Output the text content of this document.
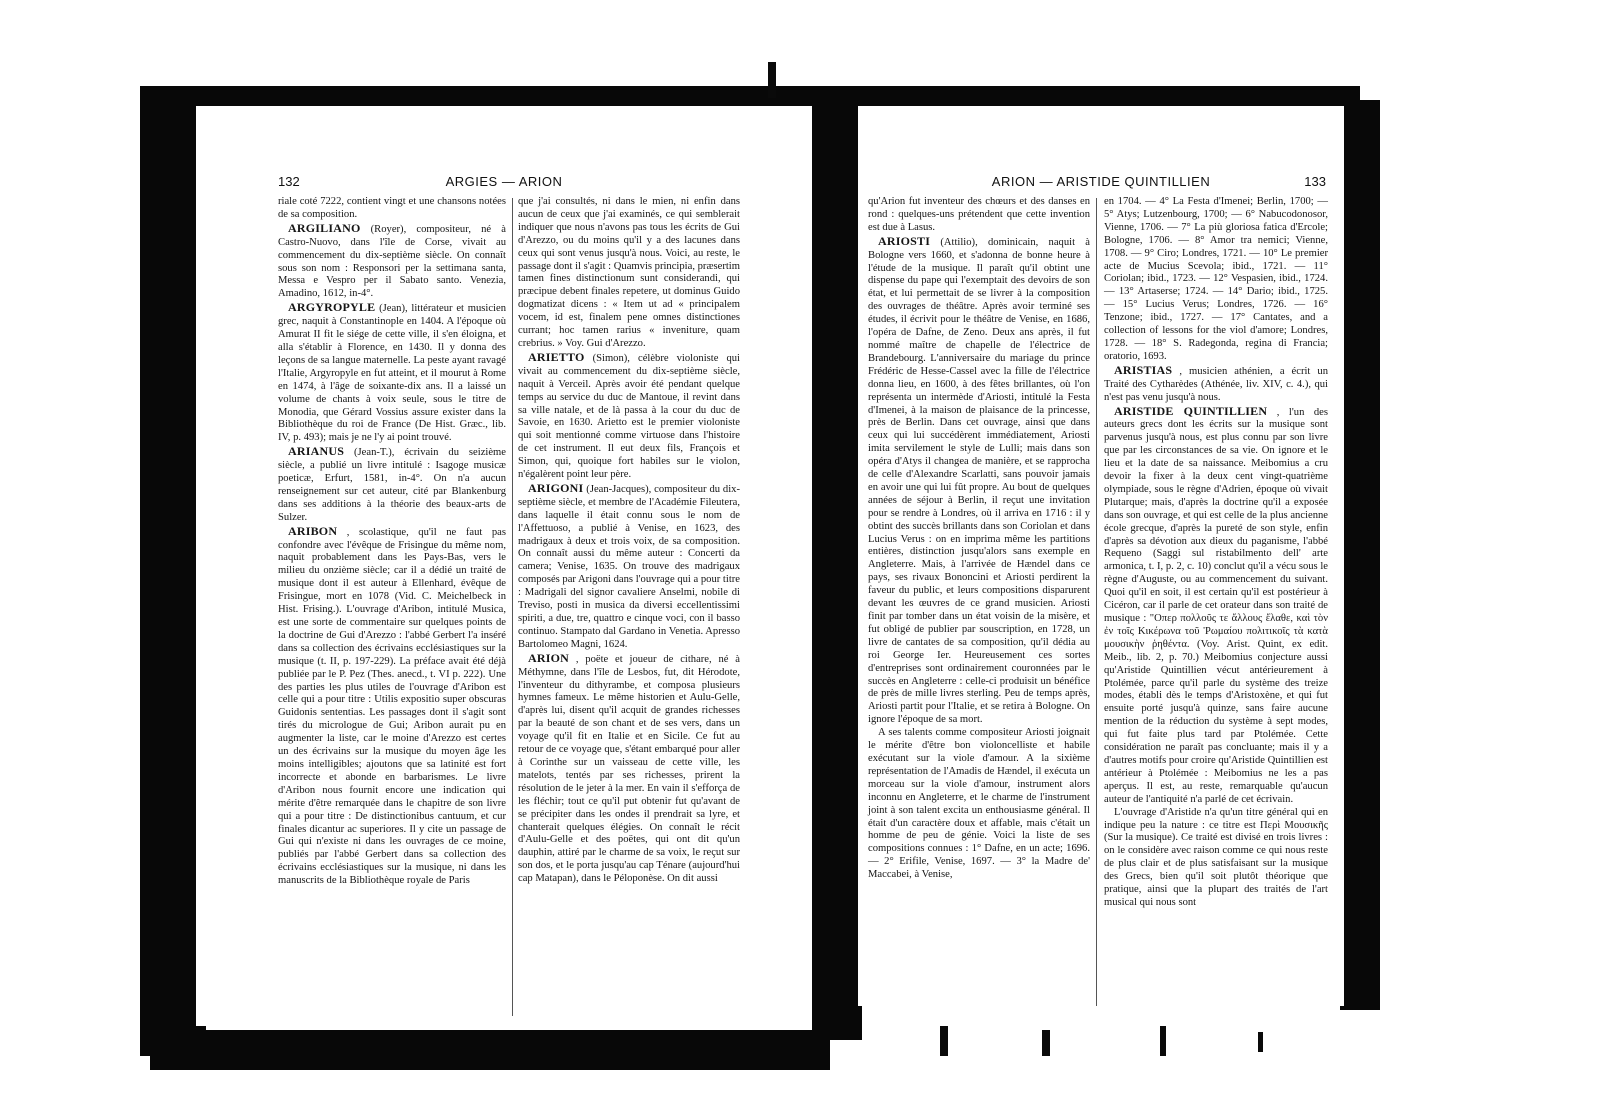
132	ARGIES — ARION

riale coté 7222, contient vingt et une chansons notées de sa composition.

ARGILIANO (Royer), compositeur, né à Castro-Nuovo, dans l'île de Corse, vivait au commencement du dix-septième siècle. On connaît sous son nom : Responsori per la settimana santa, Messa e Vespro per il Sabato santo. Venezia, Amadino, 1612, in-4°.

ARGYROPYLE (Jean), littérateur et musicien grec, naquit à Constantinople en 1404. A l'époque où Amurat II fit le siége de cette ville, il s'en éloigna, et alla s'établir à Florence, en 1430. Il y donna des leçons de sa langue maternelle. La peste ayant ravagé l'Italie, Argyropyle en fut atteint, et il mourut à Rome en 1474, à l'âge de soixante-dix ans. Il a laissé un volume de chants à voix seule, sous le titre de Monodia, que Gérard Vossius assure exister dans la Bibliothèque du roi de France (De Hist. Græc., lib. IV, p. 493); mais je ne l'y ai point trouvé.

ARIANUS (Jean-T.), écrivain du seizième siècle, a publié un livre intitulé : Isagoge musicæ poeticæ, Erfurt, 1581, in-4°. On n'a aucun renseignement sur cet auteur, cité par Blankenburg dans ses additions à la théorie des beaux-arts de Sulzer.

ARIBON , scolastique, qu'il ne faut pas confondre avec l'évêque de Frisingue du même nom, naquit probablement dans les Pays-Bas, vers le milieu du onzième siècle; car il a dédié un traité de musique dont il est auteur à Ellenhard, évêque de Frisingue, mort en 1078 (Vid. C. Meichelbeck in Hist. Frising.). L'ouvrage d'Aribon, intitulé Musica, est une sorte de commentaire sur quelques points de la doctrine de Gui d'Arezzo : l'abbé Gerbert l'a inséré dans sa collection des écrivains ecclésiastiques sur la musique (t. II, p. 197-229). La préface avait été déjà publiée par le P. Pez (Thes. anecd., t. VI p. 222). Une des parties les plus utiles de l'ouvrage d'Aribon est celle qui a pour titre : Utilis expositio super obscuras Guidonis sententias. Les passages dont il s'agit sont tirés du micrologue de Gui; Aribon aurait pu en augmenter la liste, car le moine d'Arezzo est certes un des écrivains sur la musique du moyen âge les moins intelligibles; ajoutons que sa latinité est fort incorrecte et abonde en barbarismes. Le livre d'Aribon nous fournit encore une indication qui mérite d'être remarquée dans le chapitre de son livre qui a pour titre : De distinctionibus cantuum, et cur finales dicantur ac superiores. Il y cite un passage de Gui qui n'existe ni dans les ouvrages de ce moine, publiés par l'abbé Gerbert dans sa collection des écrivains ecclésiastiques sur la musique, ni dans les manuscrits de la Bibliothèque royale de Paris

que j'ai consultés, ni dans le mien, ni enfin dans aucun de ceux que j'ai examinés, ce qui semblerait indiquer que nous n'avons pas tous les écrits de Gui d'Arezzo, ou du moins qu'il y a des lacunes dans ceux qui sont venus jusqu'à nous. Voici, au reste, le passage dont il s'agit : Quamvis principia, præsertim tamen fines distinctionum sunt considerandi, qui præcipue debent finales repetere, ut dominus Guido dogmatizat dicens : « Item ut ad « principalem vocem, id est, finalem pene omnes distinctiones currant; hoc tamen rarius « inveniture, quam crebrius. » Voy. Gui d'Arezzo.

ARIETTO (Simon), célèbre violoniste qui vivait au commencement du dix-septième siècle, naquit à Verceil. Après avoir été pendant quelque temps au service du duc de Mantoue, il revint dans sa ville natale, et de là passa à la cour du duc de Savoie, en 1630. Arietto est le premier violoniste qui soit mentionné comme virtuose dans l'histoire de cet instrument. Il eut deux fils, François et Simon, qui, quoique fort habiles sur le violon, n'égalèrent point leur père.

ARIGONI (Jean-Jacques), compositeur du dix-septième siècle, et membre de l'Académie Fileutera, dans laquelle il était connu sous le nom de l'Affettuoso, a publié à Venise, en 1623, des madrigaux à deux et trois voix, de sa composition. On connaît aussi du même auteur : Concerti da camera; Venise, 1635. On trouve des madrigaux composés par Arigoni dans l'ouvrage qui a pour titre : Madrigali del signor cavaliere Anselmi, nobile di Treviso, posti in musica da diversi eccellentissimi spiriti, a due, tre, quattro e cinque voci, con il basso continuo. Stampato dal Gardano in Venetia. Apresso Bartolomeo Magni, 1624.

ARION , poëte et joueur de cithare, né à Méthymne, dans l'île de Lesbos, fut, dit Hérodote, l'inventeur du dithyrambe, et composa plusieurs hymnes fameux. Le même historien et Aulu-Gelle, d'après lui, disent qu'il acquit de grandes richesses par la beauté de son chant et de ses vers, dans un voyage qu'il fit en Italie et en Sicile. Ce fut au retour de ce voyage que, s'étant embarqué pour aller à Corinthe sur un vaisseau de cette ville, les matelots, tentés par ses richesses, prirent la résolution de le jeter à la mer. En vain il s'efforça de les fléchir; tout ce qu'il put obtenir fut qu'avant de se précipiter dans les ondes il prendrait sa lyre, et chanterait quelques élégies. On connaît le récit d'Aulu-Gelle et des poëtes, qui ont dit qu'un dauphin, attiré par le charme de sa voix, le reçut sur son dos, et le porta jusqu'au cap Ténare (aujourd'hui cap Matapan), dans le Péloponèse. On dit aussi

ARION — ARISTIDE QUINTILLIEN	133

qu'Arion fut inventeur des chœurs et des danses en rond : quelques-uns prétendent que cette invention est due à Lasus.

ARIOSTI (Attilio), dominicain, naquit à Bologne vers 1660, et s'adonna de bonne heure à l'étude de la musique. Il paraît qu'il obtint une dispense du pape qui l'exemptait des devoirs de son état, et lui permettait de se livrer à la composition des ouvrages de théâtre. Après avoir terminé ses études, il écrivit pour le théâtre de Venise, en 1686, l'opéra de Dafne, de Zeno. Deux ans après, il fut nommé maître de chapelle de l'électrice de Brandebourg. L'anniversaire du mariage du prince Frédéric de Hesse-Cassel avec la fille de l'électrice donna lieu, en 1600, à des fêtes brillantes, où l'on représenta un intermède d'Ariosti, intitulé la Festa d'Imenei, à la maison de plaisance de la princesse, près de Berlin. Dans cet ouvrage, ainsi que dans ceux qui lui succédèrent immédiatement, Ariosti imita servilement le style de Lulli; mais dans son opéra d'Atys il changea de manière, et se rapprocha de celle d'Alexandre Scarlatti, sans pouvoir jamais en avoir une qui lui fût propre. Au bout de quelques années de séjour à Berlin, il reçut une invitation pour se rendre à Londres, où il arriva en 1716 : il y obtint des succès brillants dans son Coriolan et dans Lucius Verus : on en imprima même les partitions entières, distinction jusqu'alors sans exemple en Angleterre. Mais, à l'arrivée de Hændel dans ce pays, ses rivaux Bononcini et Ariosti perdirent la faveur du public, et leurs compositions disparurent devant les œuvres de ce grand musicien. Ariosti finit par tomber dans un état voisin de la misère, et fut obligé de publier par souscription, en 1728, un livre de cantates de sa composition, qu'il dédia au roi George Ier. Heureusement ces sortes d'entreprises sont ordinairement couronnées par le succès en Angleterre : celle-ci produisit un bénéfice de près de mille livres sterling. Peu de temps après, Ariosti partit pour l'Italie, et se retira à Bologne. On ignore l'époque de sa mort.

A ses talents comme compositeur Ariosti joignait le mérite d'être bon violoncelliste et habile exécutant sur la viole d'amour. A la sixième représentation de l'Amadis de Hændel, il exécuta un morceau sur la viole d'amour, instrument alors inconnu en Angleterre, et le charme de l'instrument joint à son talent excita un enthousiasme général. Il était d'un caractère doux et affable, mais c'était un homme de peu de génie. Voici la liste de ses compositions connues : 1° Dafne, en un acte; 1696. — 2° Erifile, Venise, 1697. — 3° la Madre de' Maccabei, à Venise,

en 1704. — 4° La Festa d'Imenei; Berlin, 1700; — 5° Atys; Lutzenbourg, 1700; — 6° Nabucodonosor, Vienne, 1706. — 7° La più gloriosa fatica d'Ercole; Bologne, 1706. — 8° Amor tra nemici; Vienne, 1708. — 9° Ciro; Londres, 1721. — 10° Le premier acte de Mucius Scevola; ibid., 1721. — 11° Coriolan; ibid., 1723. — 12° Vespasien, ibid., 1724. — 13° Artaserse; 1724. — 14° Dario; ibid., 1725. — 15° Lucius Verus; Londres, 1726. — 16° Tenzone; ibid., 1727. — 17° Cantates, and a collection of lessons for the viol d'amore; Londres, 1728. — 18° S. Radegonda, regina di Francia; oratorio, 1693.

ARISTIAS , musicien athénien, a écrit un Traité des Cytharèdes (Athénée, liv. XIV, c. 4.), qui n'est pas venu jusqu'à nous.

ARISTIDE QUINTILLIEN , l'un des auteurs grecs dont les écrits sur la musique sont parvenus jusqu'à nous, est plus connu par son livre que par les circonstances de sa vie. On ignore et le lieu et la date de sa naissance. Meibomius a cru devoir la fixer à la deux cent vingt-quatrième olympiade, sous le règne d'Adrien, époque où vivait Plutarque; mais, d'après la doctrine qu'il a exposée dans son ouvrage, et qui est celle de la plus ancienne école grecque, d'après la pureté de son style, enfin d'après sa dévotion aux dieux du paganisme, l'abbé Requeno (Saggi sul ristabilmento dell' arte armonica, t. I, p. 2, c. 10) conclut qu'il a vécu sous le règne d'Auguste, ou au commencement du suivant. Quoi qu'il en soit, il est certain qu'il est postérieur à Cicéron, car il parle de cet orateur dans son traité de musique : "Οπερ πολλοῦς τε ἄλλους ἔλαθε, καὶ τὸν ἐν τοῖς Κικέρωνα τοῦ Ῥωμαίου πολιτικοῖς τὰ κατὰ μουσικὴν ῥηθέντα. (Voy. Arist. Quint, ex edit. Meib., lib. 2, p. 70.) Meibomius conjecture aussi qu'Aristide Quintillien vécut antérieurement à Ptolémée, parce qu'il parle du système des treize modes, établi dès le temps d'Aristoxène, et qui fut ensuite porté jusqu'à quinze, sans faire aucune mention de la réduction du système à sept modes, qui fut faite plus tard par Ptolémée. Cette considération ne paraît pas concluante; mais il y a d'autres motifs pour croire qu'Aristide Quintillien est antérieur à Ptolémée : Meibomius ne les a pas aperçus. Il est, au reste, remarquable qu'aucun auteur de l'antiquité n'a parlé de cet écrivain.

L'ouvrage d'Aristide n'a qu'un titre général qui en indique peu la nature : ce titre est Περὶ Μουσικῆς (Sur la musique). Ce traité est divisé en trois livres : on le considère avec raison comme ce qui nous reste de plus clair et de plus satisfaisant sur la musique des Grecs, bien qu'il soit plutôt théorique que pratique, ainsi que la plupart des traités de l'art musical qui nous sont
